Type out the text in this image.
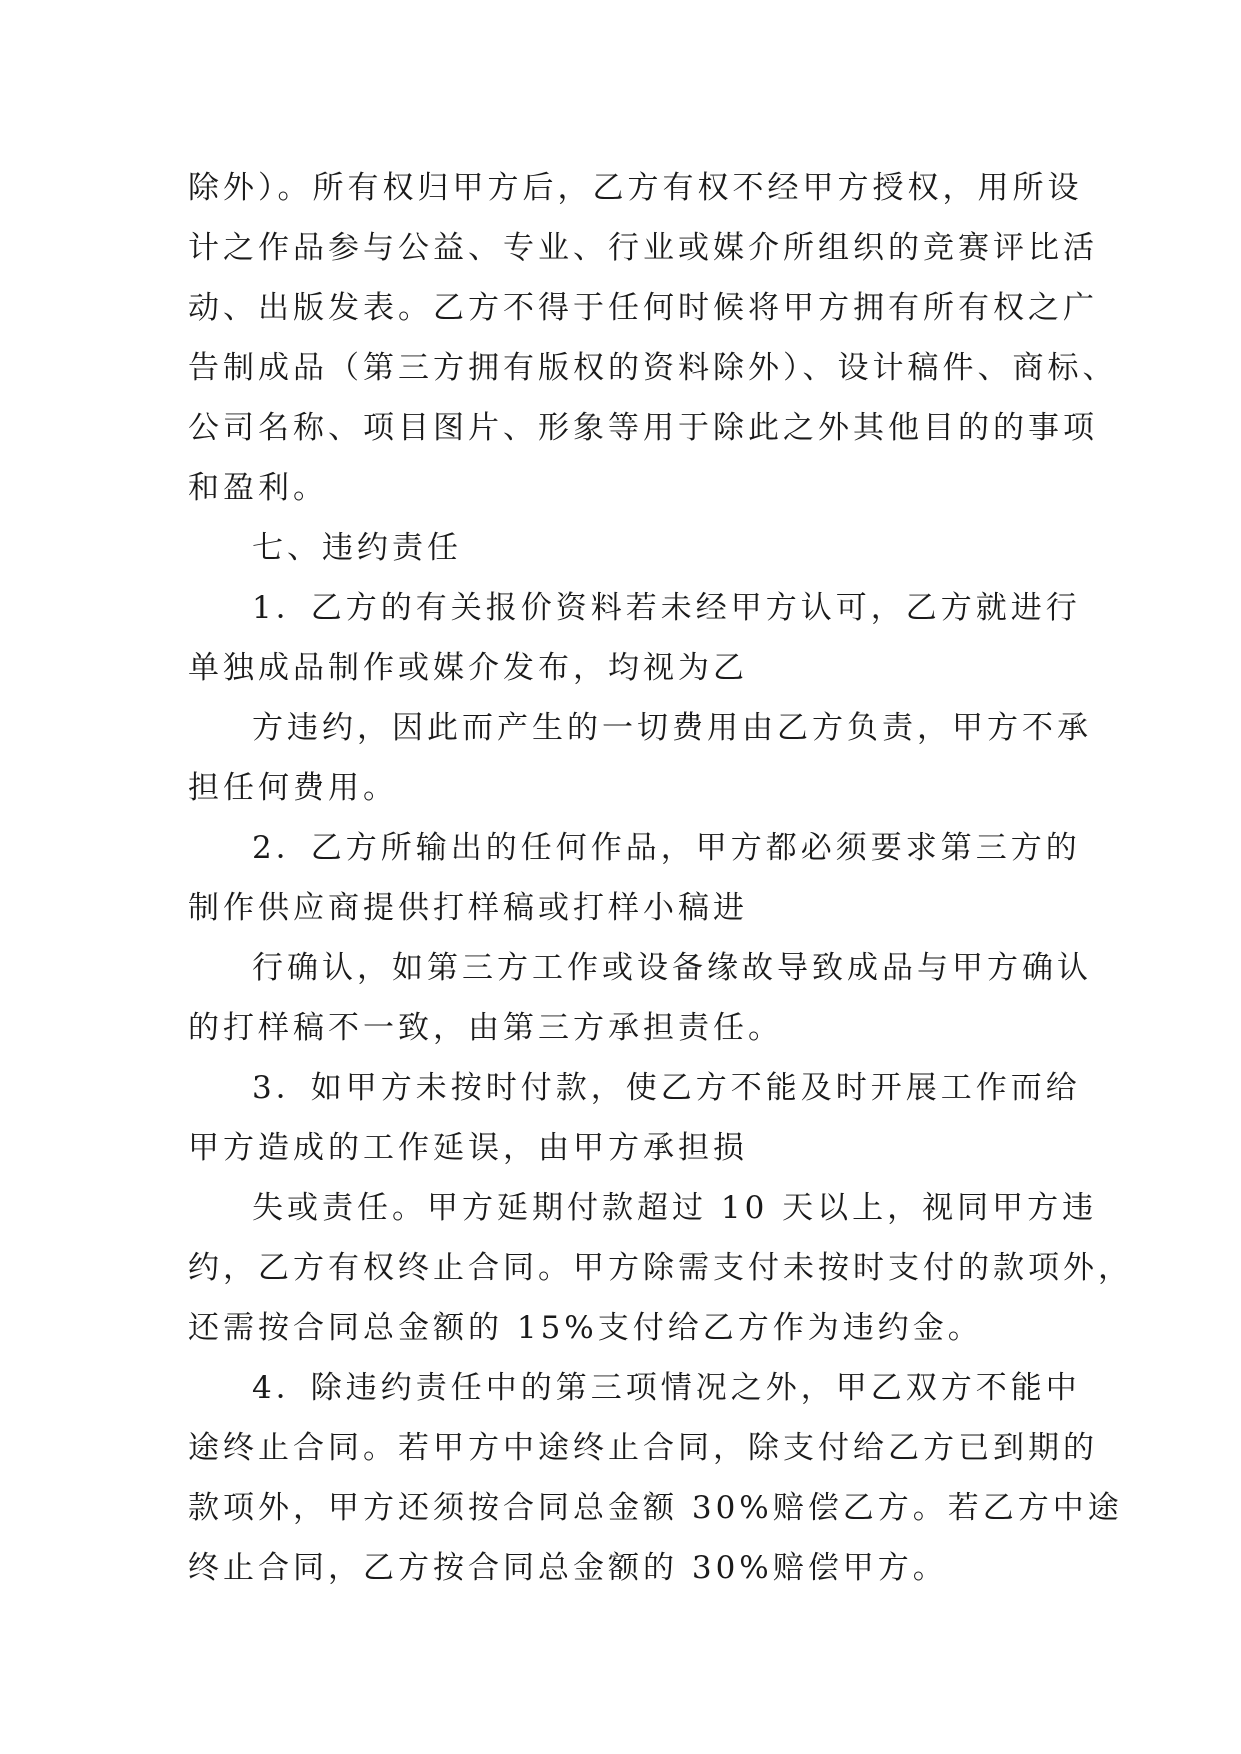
除外）。所有权归甲方后，乙方有权不经甲方授权，用所设
计之作品参与公益、专业、行业或媒介所组织的竞赛评比活
动、出版发表。乙方不得于任何时候将甲方拥有所有权之广
告制成品（第三方拥有版权的资料除外）、设计稿件、商标、
公司名称、项目图片、形象等用于除此之外其他目的的事项
和盈利。
七、违约责任
1．乙方的有关报价资料若未经甲方认可，乙方就进行
单独成品制作或媒介发布，均视为乙
方违约，因此而产生的一切费用由乙方负责，甲方不承
担任何费用。
2．乙方所输出的任何作品，甲方都必须要求第三方的
制作供应商提供打样稿或打样小稿进
行确认，如第三方工作或设备缘故导致成品与甲方确认
的打样稿不一致，由第三方承担责任。
3．如甲方未按时付款，使乙方不能及时开展工作而给
甲方造成的工作延误，由甲方承担损
失或责任。甲方延期付款超过 10 天以上，视同甲方违
约，乙方有权终止合同。甲方除需支付未按时支付的款项外，
还需按合同总金额的 15%支付给乙方作为违约金。
4．除违约责任中的第三项情况之外，甲乙双方不能中
途终止合同。若甲方中途终止合同，除支付给乙方已到期的
款项外，甲方还须按合同总金额 30%赔偿乙方。若乙方中途
终止合同，乙方按合同总金额的 30%赔偿甲方。
